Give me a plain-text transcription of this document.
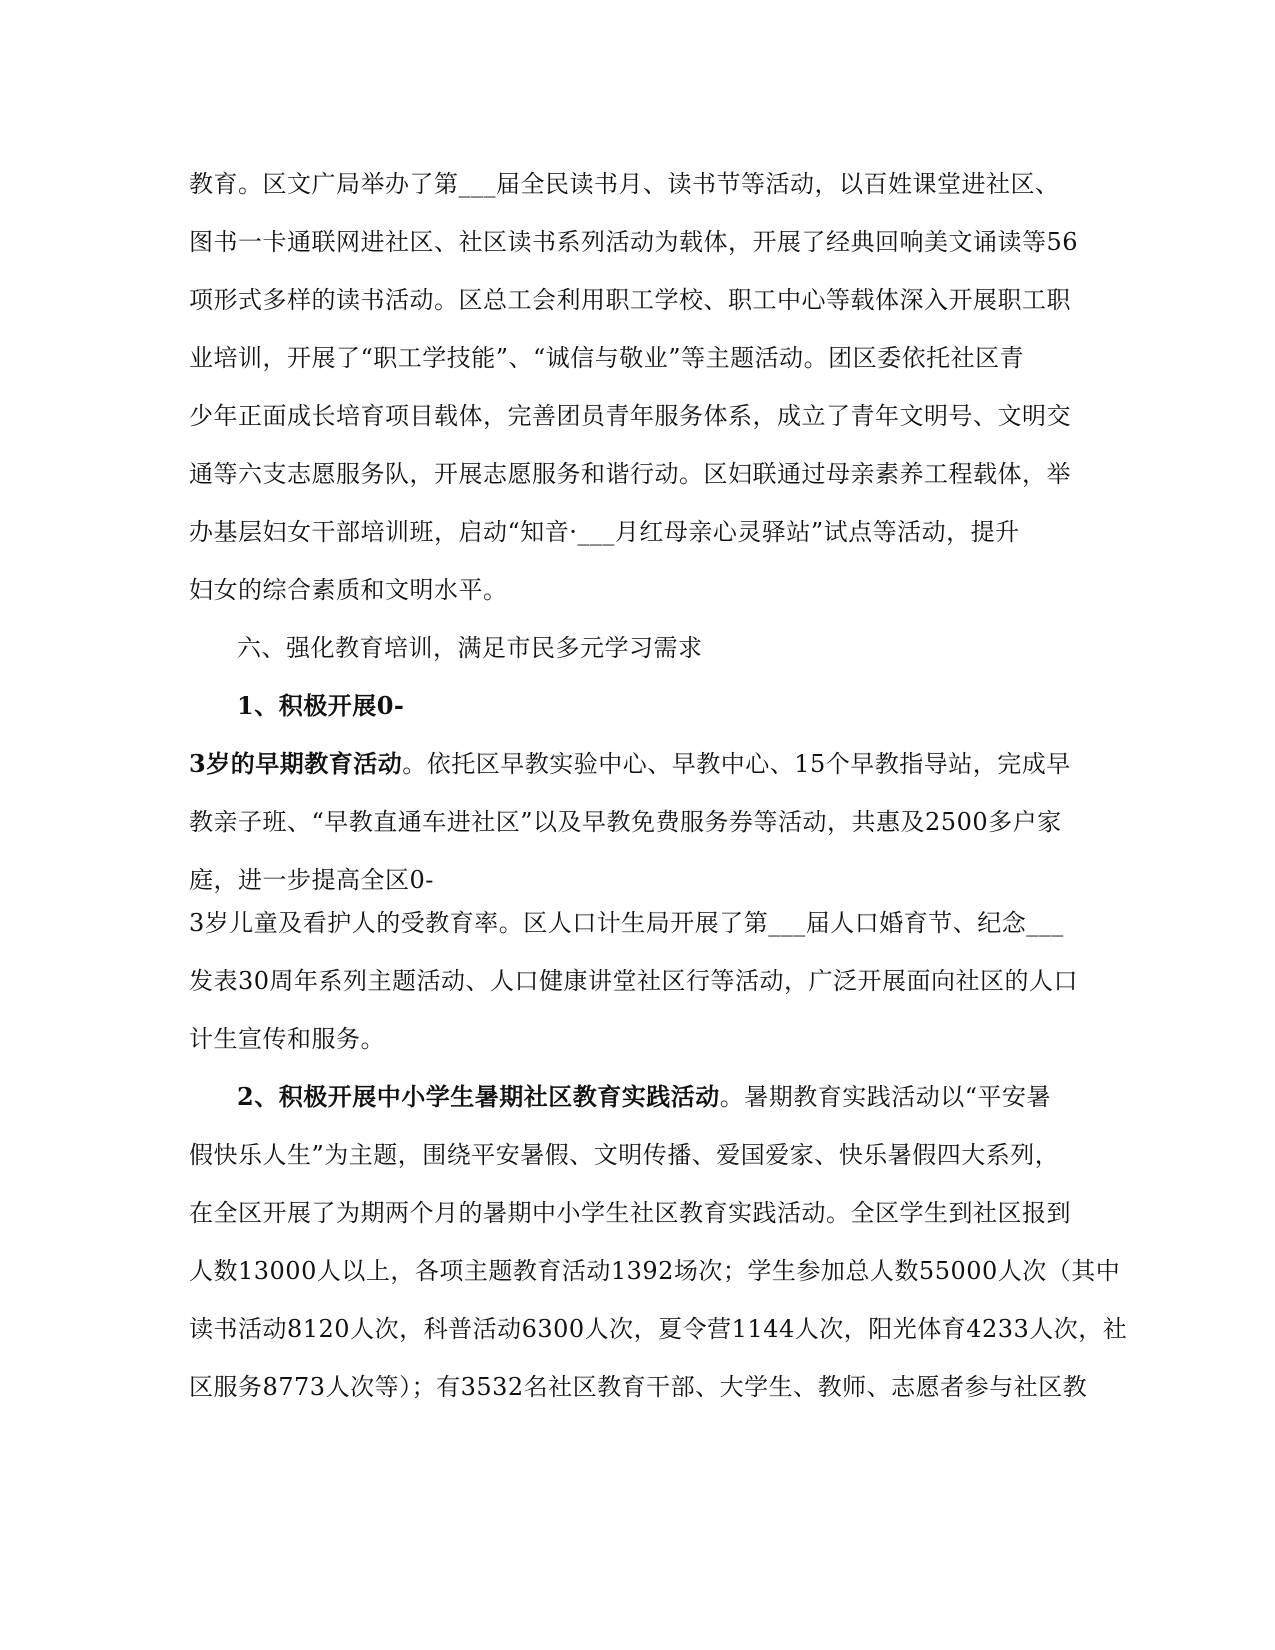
教育。区文广局举办了第___届全民读书月、读书节等活动，以百姓课堂进社区、
图书一卡通联网进社区、社区读书系列活动为载体，开展了经典回响美文诵读等56
项形式多样的读书活动。区总工会利用职工学校、职工中心等载体深入开展职工职
业培训，开展了“职工学技能”、“诚信与敬业”等主题活动。团区委依托社区青
少年正面成长培育项目载体，完善团员青年服务体系，成立了青年文明号、文明交
通等六支志愿服务队，开展志愿服务和谐行动。区妇联通过母亲素养工程载体，举
办基层妇女干部培训班，启动“知音·___月红母亲心灵驿站”试点等活动，提升
妇女的综合素质和文明水平。
六、强化教育培训，满足市民多元学习需求
1、积极开展0-
3岁的早期教育活动。依托区早教实验中心、早教中心、15个早教指导站，完成早
教亲子班、“早教直通车进社区”以及早教免费服务券等活动，共惠及2500多户家
庭，进一步提高全区0-
3岁儿童及看护人的受教育率。区人口计生局开展了第___届人口婚育节、纪念___
发表30周年系列主题活动、人口健康讲堂社区行等活动，广泛开展面向社区的人口
计生宣传和服务。
2、积极开展中小学生暑期社区教育实践活动。暑期教育实践活动以“平安暑
假快乐人生”为主题，围绕平安暑假、文明传播、爱国爱家、快乐暑假四大系列，
在全区开展了为期两个月的暑期中小学生社区教育实践活动。全区学生到社区报到
人数13000人以上，各项主题教育活动1392场次；学生参加总人数55000人次（其中
读书活动8120人次，科普活动6300人次，夏令营1144人次，阳光体育4233人次，社
区服务8773人次等）；有3532名社区教育干部、大学生、教师、志愿者参与社区教
